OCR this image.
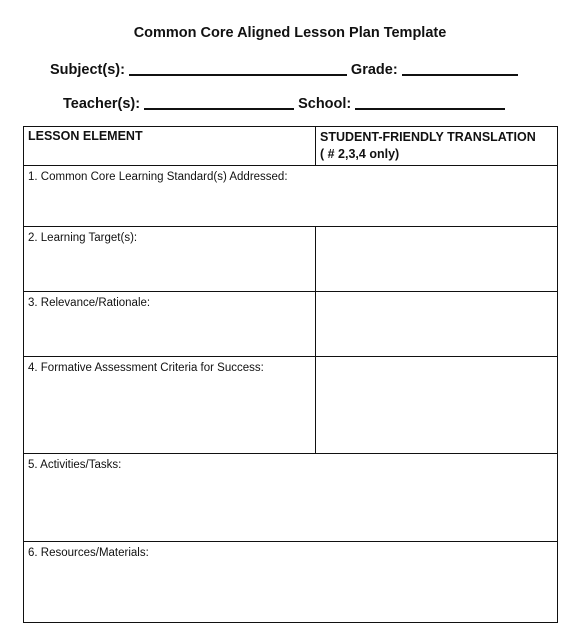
Common Core Aligned Lesson Plan Template
Subject(s):	Grade:
Teacher(s):	School:
LESSON ELEMENT	STUDENT-FRIENDLY TRANSLATION
( # 2,3,4 only)

1. Common Core Learning Standard(s) Addressed:	

2. Learning Target(s):	

3. Relevance/Rationale:	

4. Formative Assessment Criteria for Success:	

5. Activities/Tasks:	

6. Resources/Materials:	
